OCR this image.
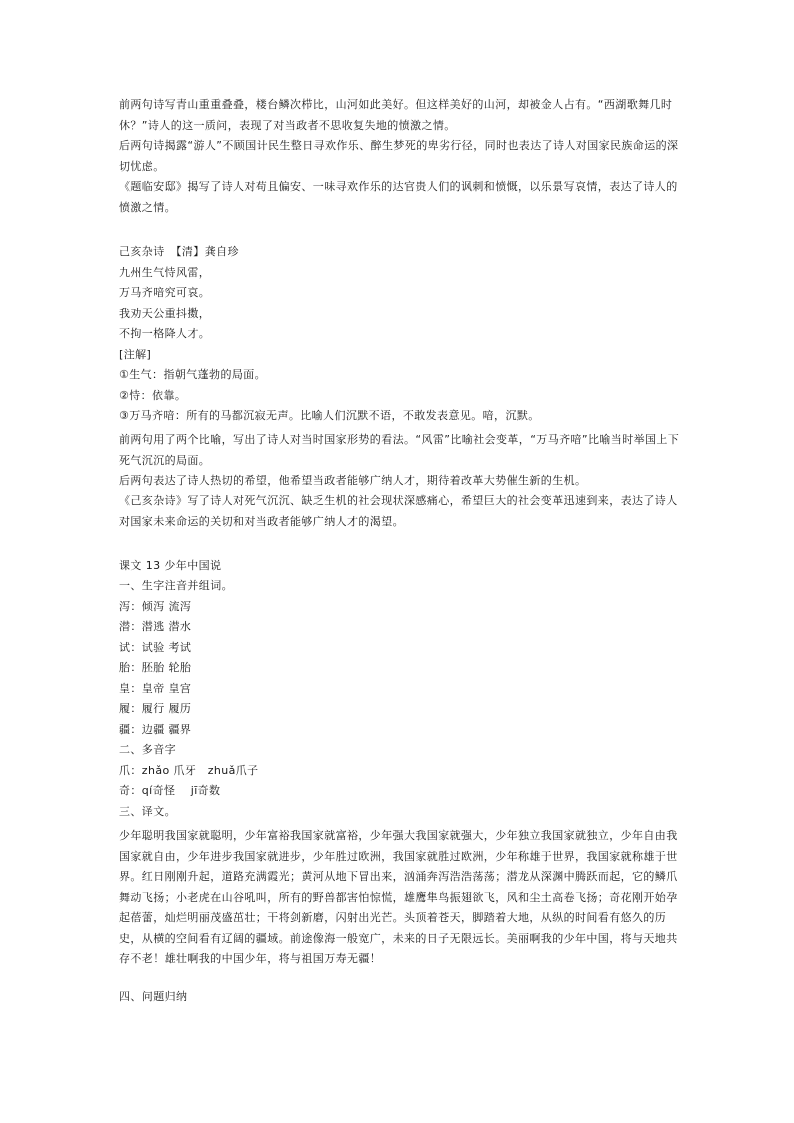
前两句诗写青山重重叠叠，楼台鳞次栉比，山河如此美好。但这样美好的山河，却被金人占有。“西湖歌舞几时休？”诗人的这一质问，表现了对当政者不思收复失地的愤激之情。
后两句诗揭露“游人”不顾国计民生整日寻欢作乐、醉生梦死的卑劣行径，同时也表达了诗人对国家民族命运的深切忧虑。
《题临安邸》揭写了诗人对苟且偏安、一味寻欢作乐的达官贵人们的讽刺和愤慨，以乐景写哀情，表达了诗人的愤激之情。
己亥杂诗　【清】龚自珍
九州生气恃风雷，
万马齐喑究可哀。
我劝天公重抖擞，
不拘一格降人才。
[注解]
①生气：指朝气蓬勃的局面。
②恃：依靠。
③万马齐喑：所有的马都沉寂无声。比喻人们沉默不语，不敢发表意见。喑，沉默。
前两句用了两个比喻，写出了诗人对当时国家形势的看法。“风雷”比喻社会变革，“万马齐喑”比喻当时举国上下死气沉沉的局面。
后两句表达了诗人热切的希望，他希望当政者能够广纳人才，期待着改革大势催生新的生机。
《己亥杂诗》写了诗人对死气沉沉、缺乏生机的社会现状深感痛心，希望巨大的社会变革迅速到来，表达了诗人对国家未来命运的关切和对当政者能够广纳人才的渴望。
课文 13 少年中国说
一、生字注音并组词。
泻：倾泻 流泻
潜：潜逃 潜水
试：试验 考试
胎：胚胎 轮胎
皇：皇帝 皇宫
履：履行 履历
疆：边疆 疆界
二、多音字
爪：zhǎo 爪牙　zhuǎ爪子
奇：qí奇怪　 jī奇数
三、译文。
少年聪明我国家就聪明，少年富裕我国家就富裕，少年强大我国家就强大，少年独立我国家就独立，少年自由我国家就自由，少年进步我国家就进步，少年胜过欧洲，我国家就胜过欧洲，少年称雄于世界，我国家就称雄于世界。红日刚刚升起，道路充满霞光；黄河从地下冒出来，汹涌奔泻浩浩荡荡；潜龙从深渊中腾跃而起，它的鳞爪舞动飞扬；小老虎在山谷吼叫，所有的野兽都害怕惊慌，雄鹰隼鸟振翅欲飞，风和尘土高卷飞扬；奇花刚开始孕起蓓蕾，灿烂明丽茂盛茁壮；干将剑新磨，闪射出光芒。头顶着苍天，脚踏着大地，从纵的时间看有悠久的历史，从横的空间看有辽阔的疆域。前途像海一般宽广，未来的日子无限远长。美丽啊我的少年中国，将与天地共存不老！雄壮啊我的中国少年，将与祖国万寿无疆！
四、问题归纳
